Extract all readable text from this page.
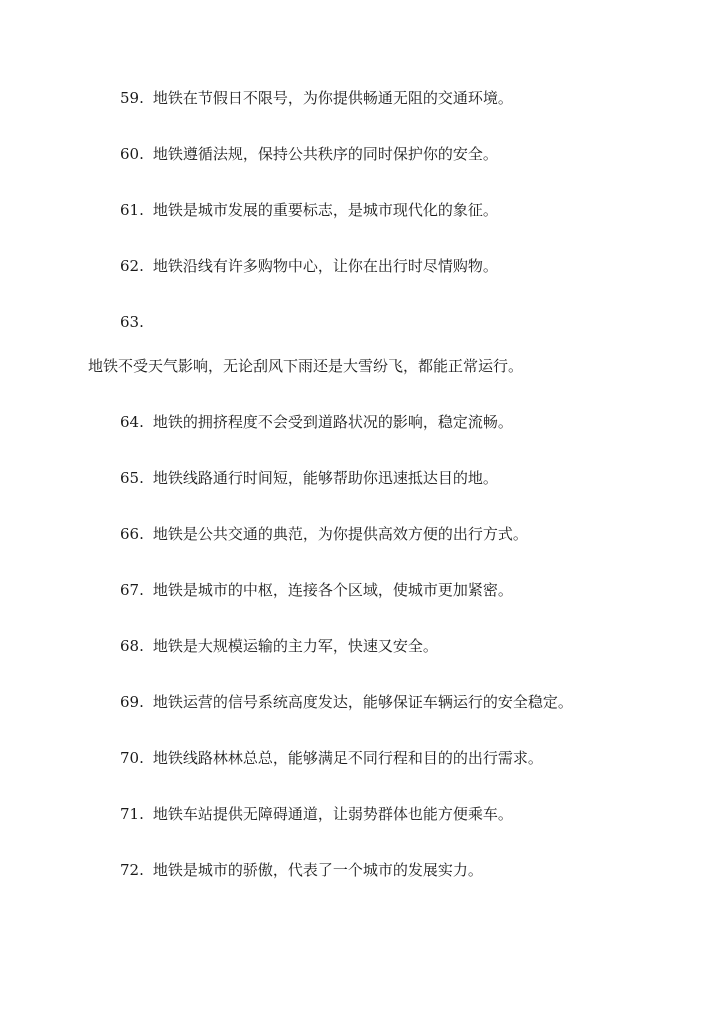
59. 地铁在节假日不限号，为你提供畅通无阻的交通环境。
60. 地铁遵循法规，保持公共秩序的同时保护你的安全。
61. 地铁是城市发展的重要标志，是城市现代化的象征。
62. 地铁沿线有许多购物中心，让你在出行时尽情购物。
63.
地铁不受天气影响，无论刮风下雨还是大雪纷飞，都能正常运行。
64. 地铁的拥挤程度不会受到道路状况的影响，稳定流畅。
65. 地铁线路通行时间短，能够帮助你迅速抵达目的地。
66. 地铁是公共交通的典范，为你提供高效方便的出行方式。
67. 地铁是城市的中枢，连接各个区域，使城市更加紧密。
68. 地铁是大规模运输的主力军，快速又安全。
69. 地铁运营的信号系统高度发达，能够保证车辆运行的安全稳定。
70. 地铁线路林林总总，能够满足不同行程和目的的出行需求。
71. 地铁车站提供无障碍通道，让弱势群体也能方便乘车。
72. 地铁是城市的骄傲，代表了一个城市的发展实力。
